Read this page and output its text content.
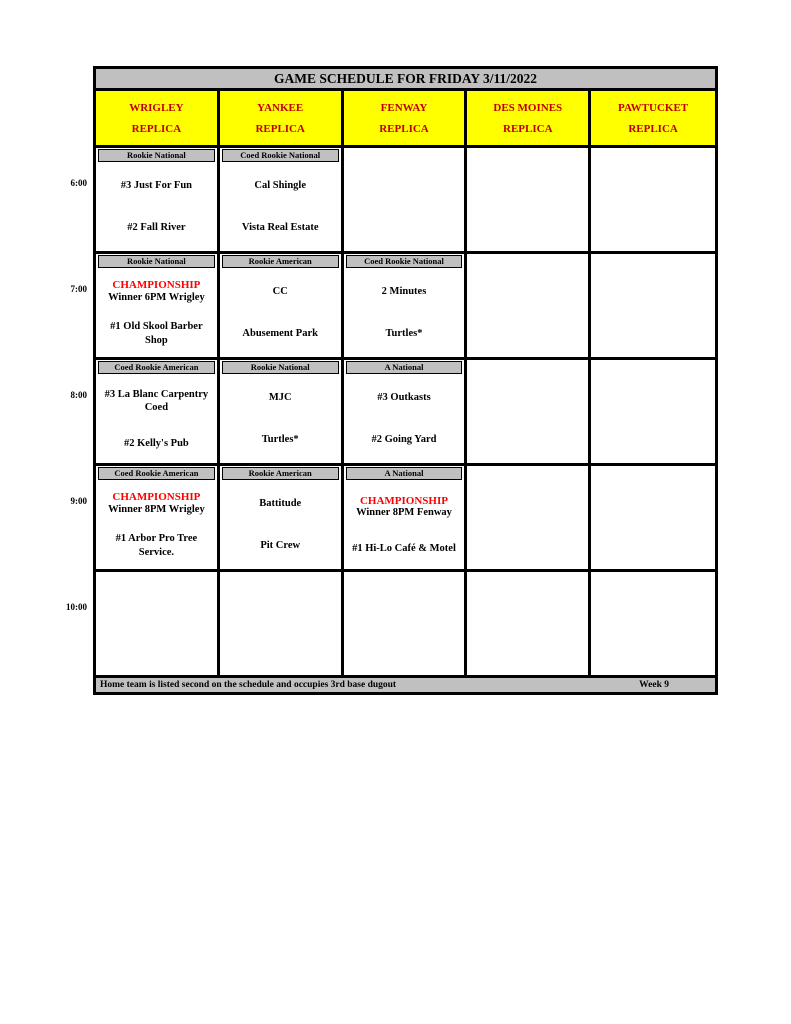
6:00
7:00
8:00
9:00
10:00
GAME SCHEDULE FOR FRIDAY 3/11/2022
WRIGLEY
REPLICA
YANKEE
REPLICA
FENWAY
REPLICA
DES MOINES
REPLICA
PAWTUCKET
REPLICA
Rookie National
#3 Just For Fun
#2 Fall River
Coed Rookie National
Cal Shingle
Vista Real Estate
Rookie National
CHAMPIONSHIP
Winner 6PM Wrigley
#1 Old Skool Barber Shop
Rookie American
CC
Abusement Park
Coed Rookie National
2 Minutes
Turtles*
Coed Rookie American
#3 La Blanc Carpentry Coed
#2 Kelly's Pub
Rookie National
MJC
Turtles*
A National
#3 Outkasts
#2 Going Yard
Coed Rookie American
CHAMPIONSHIP
Winner 8PM Wrigley
#1 Arbor Pro Tree Service.
Rookie American
Battitude
Pit Crew
A National
CHAMPIONSHIP
Winner 8PM Fenway
#1 Hi-Lo Café & Motel
Home team is listed second on the schedule and occupies 3rd base dugout	Week 9
